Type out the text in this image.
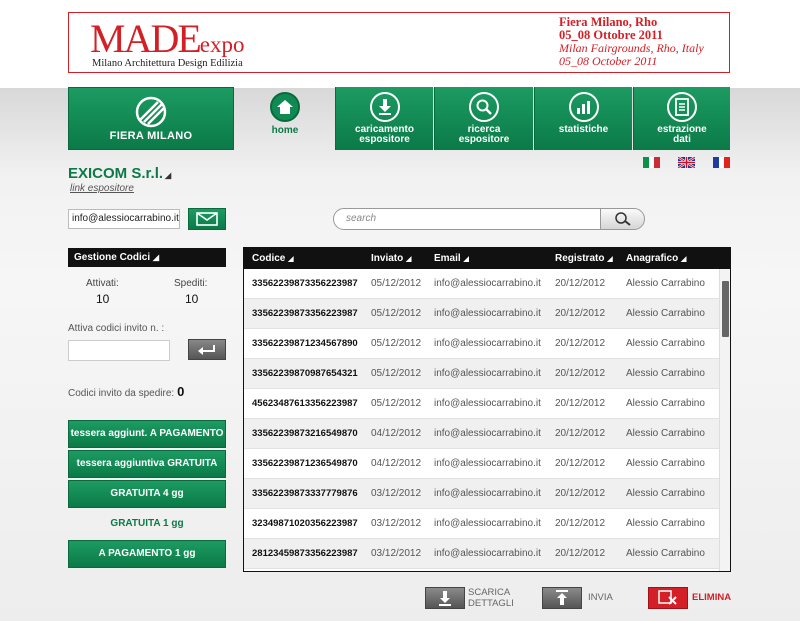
MADEexpo
Milano Architettura Design Edilizia
Fiera Milano, Rho
05_08 Ottobre 2011
Milan Fairgrounds, Rho, Italy
05_08 October 2011
FIERA MILANO	home	caricamento
espositore
ricerca
espositore
statistiche	estrazione
dati
EXICOM S.r.l. ◢
link espositore
info@alessiocarrabino.it	search
Gestione Codici ◢
Attivati:
10
Spediti:
10
Attiva codici invito n. :
Codici invito da spedire: 0
tessera aggiunt. A PAGAMENTO
tessera aggiuntiva GRATUITA
GRATUITA 4 gg
GRATUITA 1 gg
A PAGAMENTO 1 gg
Codice ◢	Inviato ◢ Email ◢	Registrato ◢ Anagrafico ◢
33562239873356223987 05/12/2012 info@alessiocarrabino.it 20/12/2012 Alessio Carrabino
33562239873356223987 05/12/2012 info@alessiocarrabino.it 20/12/2012 Alessio Carrabino
33562239871234567890 05/12/2012 info@alessiocarrabino.it 20/12/2012 Alessio Carrabino
33562239870987654321 05/12/2012 info@alessiocarrabino.it 20/12/2012 Alessio Carrabino
45623487613356223987 05/12/2012 info@alessiocarrabino.it 20/12/2012 Alessio Carrabino
33562239873216549870 04/12/2012 info@alessiocarrabino.it 20/12/2012 Alessio Carrabino
33562239871236549870 04/12/2012 info@alessiocarrabino.it 20/12/2012 Alessio Carrabino
33562239873337779876 03/12/2012 info@alessiocarrabino.it 20/12/2012 Alessio Carrabino
32349871020356223987 03/12/2012 info@alessiocarrabino.it 20/12/2012 Alessio Carrabino
28123459873356223987 03/12/2012 info@alessiocarrabino.it 20/12/2012 Alessio Carrabino
SCARICA
DETTAGLI
INVIA	ELIMINA
